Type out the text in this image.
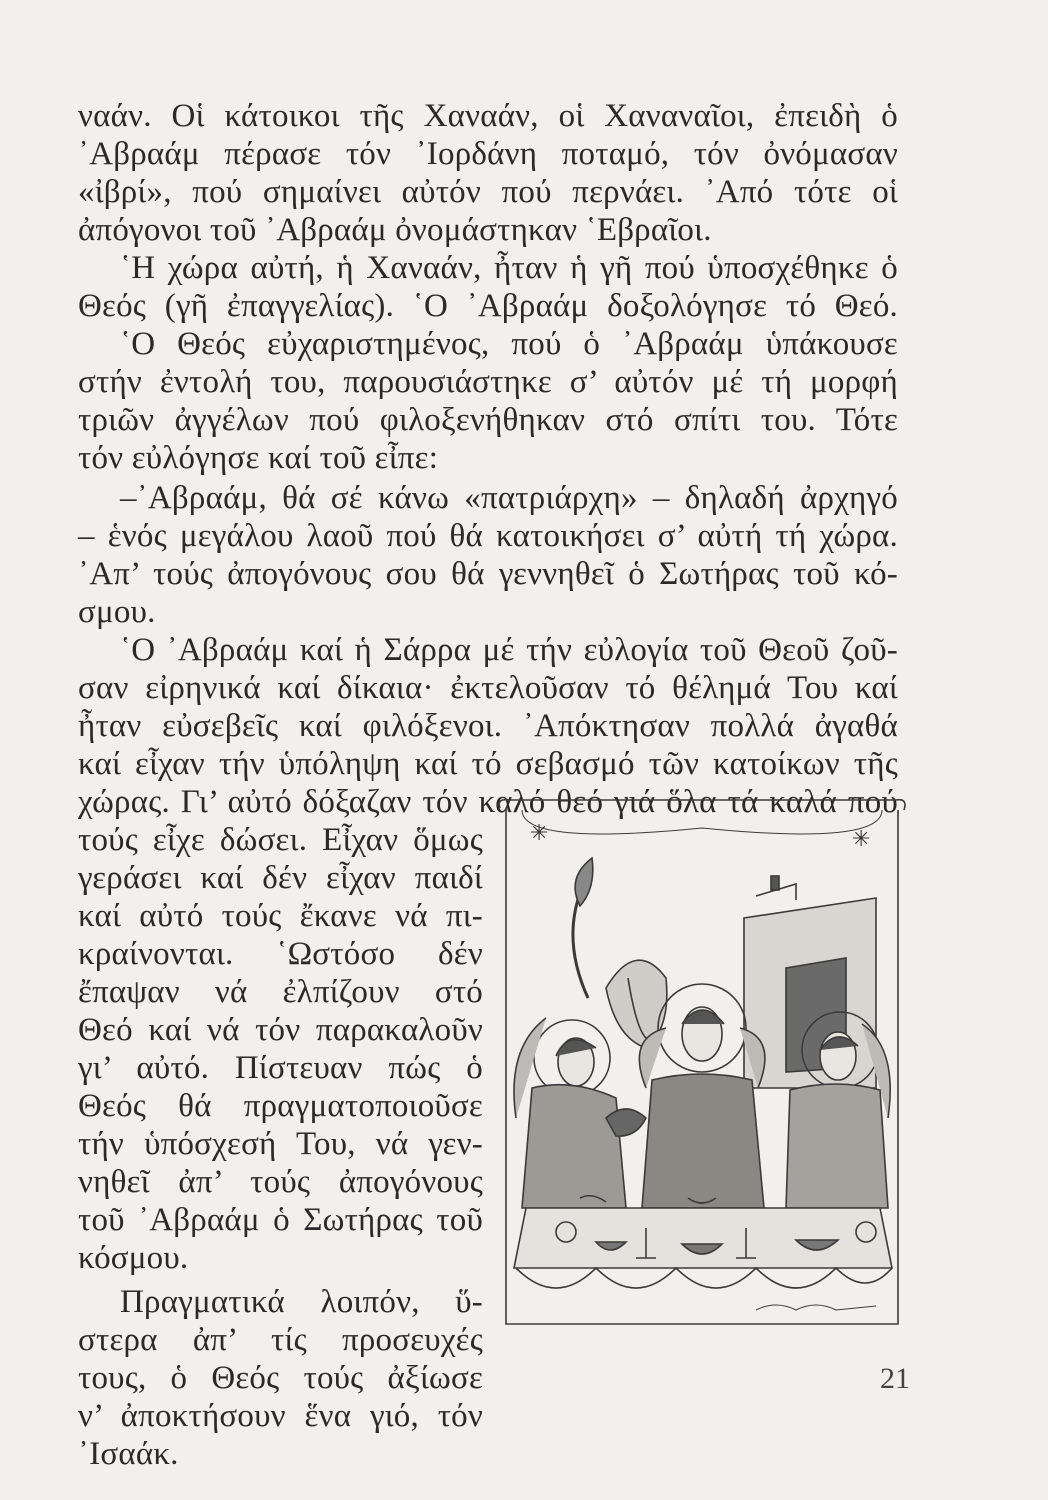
ναάν. Οἱ κάτοικοι τῆς Χαναάν, οἱ Χαναναῖοι, ἐπειδὴ ὁ
᾿Αβραάμ πέρασε τόν ᾿Ιορδάνη ποταμό, τόν ὀνόμασαν
«ἰβρί», πού σημαίνει αὐτόν πού περνάει. ᾿Από τότε οἱ
ἀπόγονοι τοῦ ᾿Αβραάμ ὀνομάστηκαν ῾Εβραῖοι.
῾Η χώρα αὐτή, ἡ Χαναάν, ἦταν ἡ γῆ πού ὑποσχέθηκε ὁ
Θεός (γῆ ἐπαγγελίας). ῾Ο ᾿Αβραάμ δοξολόγησε τό Θεό.
῾Ο Θεός εὐχαριστημένος, πού ὁ ᾿Αβραάμ ὑπάκουσε
στήν ἐντολή του, παρουσιάστηκε σ’ αὐτόν μέ τή μορφή
τριῶν ἀγγέλων πού φιλοξενήθηκαν στό σπίτι του. Τότε
τόν εὐλόγησε καί τοῦ εἶπε:
–᾿Αβραάμ, θά σέ κάνω «πατριάρχη» – δηλαδή ἀρχηγό
– ἑνός μεγάλου λαοῦ πού θά κατοικήσει σ’ αὐτή τή χώρα.
᾿Απ’ τούς ἀπογόνους σου θά γεννηθεῖ ὁ Σωτήρας τοῦ κό-
σμου.
῾Ο ᾿Αβραάμ καί ἡ Σάρρα μέ τήν εὐλογία τοῦ Θεοῦ ζοῦ-
σαν εἰρηνικά καί δίκαια· ἐκτελοῦσαν τό θέλημά Του καί
ἦταν εὐσεβεῖς καί φιλόξενοι. ᾿Απόκτησαν πολλά ἀγαθά
καί εἶχαν τήν ὑπόληψη καί τό σεβασμό τῶν κατοίκων τῆς
χώρας. Γι’ αὐτό δόξαζαν τόν καλό θεό γιά ὅλα τά καλά πού
τούς εἶχε δώσει. Εἶχαν ὅμως
γεράσει καί δέν εἶχαν παιδί
καί αὐτό τούς ἔκανε νά πι-
κραίνονται. ῾Ωστόσο δέν
ἔπαψαν νά ἐλπίζουν στό
Θεό καί νά τόν παρακαλοῦν
γι’ αὐτό. Πίστευαν πώς ὁ
Θεός θά πραγματοποιοῦσε
τήν ὑπόσχεσή Του, νά γεν-
νηθεῖ ἀπ’ τούς ἀπογόνους
τοῦ ᾿Αβραάμ ὁ Σωτήρας τοῦ
κόσμου.
Πραγματικά λοιπόν, ὕ-
στερα ἀπ’ τίς προσευχές
τους, ὁ Θεός τούς ἀξίωσε
ν’ ἀποκτήσουν ἕνα γιό, τόν
᾿Ισαάκ.
✳	✳
21
